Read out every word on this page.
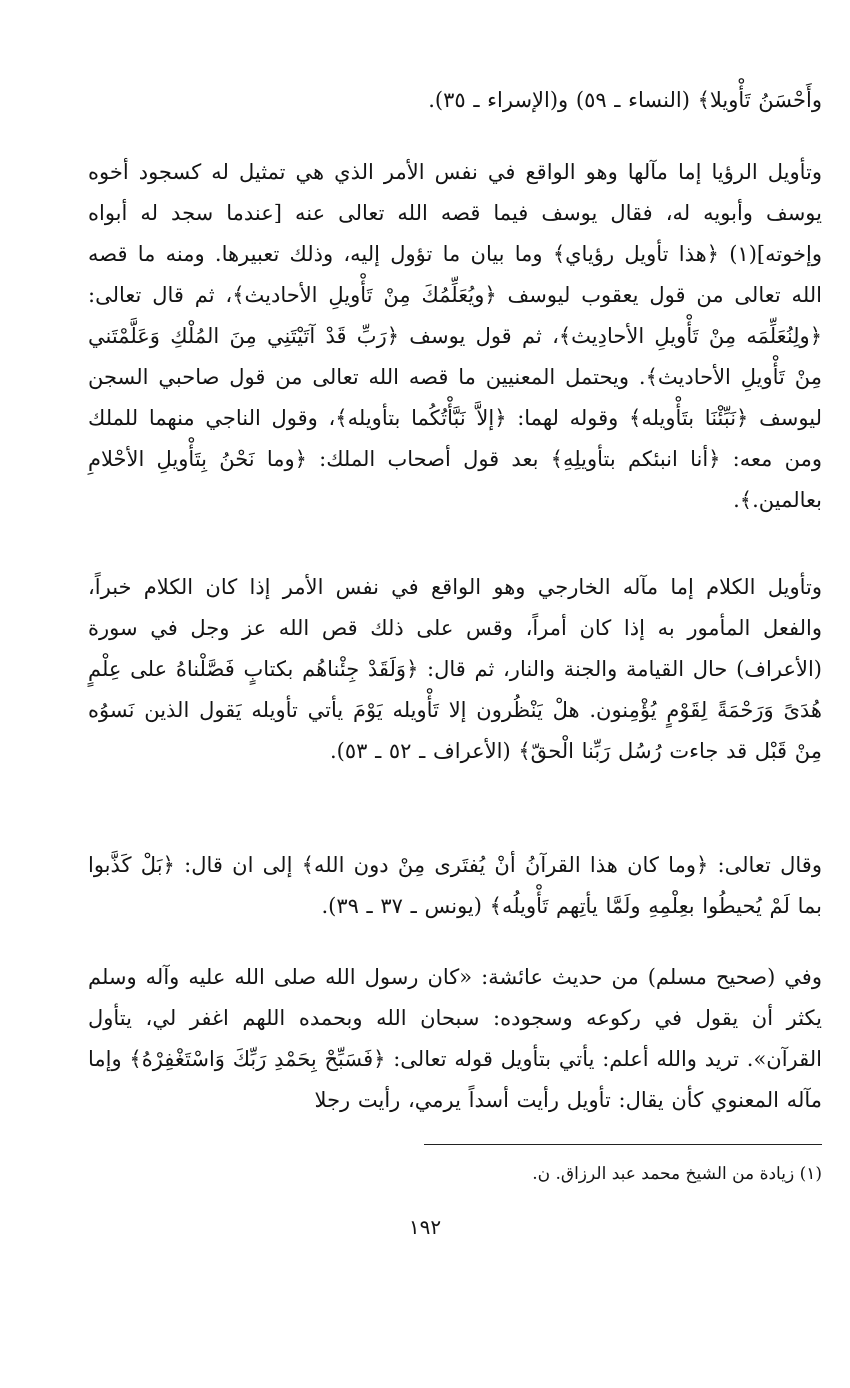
وأَحْسَنُ تَأْويلا﴾ (النساء ـ ٥٩) و(الإسراء ـ ٣٥).

وتأويل الرؤيا إما مآلها وهو الواقع في نفس الأمر الذي هي تمثيل له كسجود أخوه يوسف وأبويه له، فقال يوسف فيما قصه الله تعالى عنه [عندما سجد له أبواه وإخوته](١) ﴿هذا تأويل رؤياي﴾ وما بيان ما تؤول إليه، وذلك تعبيرها. ومنه ما قصه الله تعالى من قول يعقوب ليوسف ﴿ويُعَلِّمُكَ مِنْ تَأْويلِ الأحاديث﴾، ثم قال تعالى: ﴿ولِنُعَلِّمَه مِنْ تَأْويلِ الأحادِيث﴾، ثم قول يوسف ﴿رَبِّ قَدْ آتَيْتَنِي مِنَ المُلْكِ وَعَلَّمْتَني مِنْ تَأْويلِ الأحاديث﴾. ويحتمل المعنيين ما قصه الله تعالى من قول صاحبي السجن ليوسف ﴿نَبِّئْنَا بتَأْويله﴾ وقوله لهما: ﴿إلاَّ نَبَّأْتُكُما بتأويله﴾، وقول الناجي منهما للملك ومن معه: ﴿أنا انبئكم بتأويلِهِ﴾ بعد قول أصحاب الملك: ﴿وما نَحْنُ بِتَأْويلِ الأحْلامِ بعالمين.﴾.

وتأويل الكلام إما مآله الخارجي وهو الواقع في نفس الأمر إذا كان الكلام خبراً، والفعل المأمور به إذا كان أمراً، وقس على ذلك قص الله عز وجل في سورة (الأعراف) حال القيامة والجنة والنار، ثم قال: ﴿وَلَقَدْ جِئْناهُم بكتابٍ فَصَّلْناهُ على عِلْمٍ هُدَىً وَرَحْمَةً لِقَوْمٍ يُؤْمِنون. هلْ يَنْظُرون إلا تَأْويله يَوْمَ يأتي تأويله يَقول الذين نَسوُه مِنْ قَبْل قد جاءت رُسُل رَبِّنا الْحقّ﴾ (الأعراف ـ ٥٢ ـ ٥٣).

وقال تعالى: ﴿وما كان هذا القرآنُ أنْ يُفتَرى مِنْ دون الله﴾ إلى ان قال: ﴿بَلْ كَذَّبوا بما لَمْ يُحيطُوا بعِلْمِهِ ولَمَّا يأتِهم تَأْويلُه﴾ (يونس ـ ٣٧ ـ ٣٩).

وفي (صحيح مسلم) من حديث عائشة: «كان رسول الله صلى الله عليه وآله وسلم يكثر أن يقول في ركوعه وسجوده: سبحان الله وبحمده اللهم اغفر لي، يتأول القرآن». تريد والله أعلم: يأتي بتأويل قوله تعالى: ﴿فَسَبِّحْ بِحَمْدِ رَبِّكَ وَاسْتَغْفِرْهُ﴾ وإما مآله المعنوي كأن يقال: تأويل رأيت أسداً يرمي، رأيت رجلا

(١) زيادة من الشيخ محمد عبد الرزاق. ن.

١٩٢
